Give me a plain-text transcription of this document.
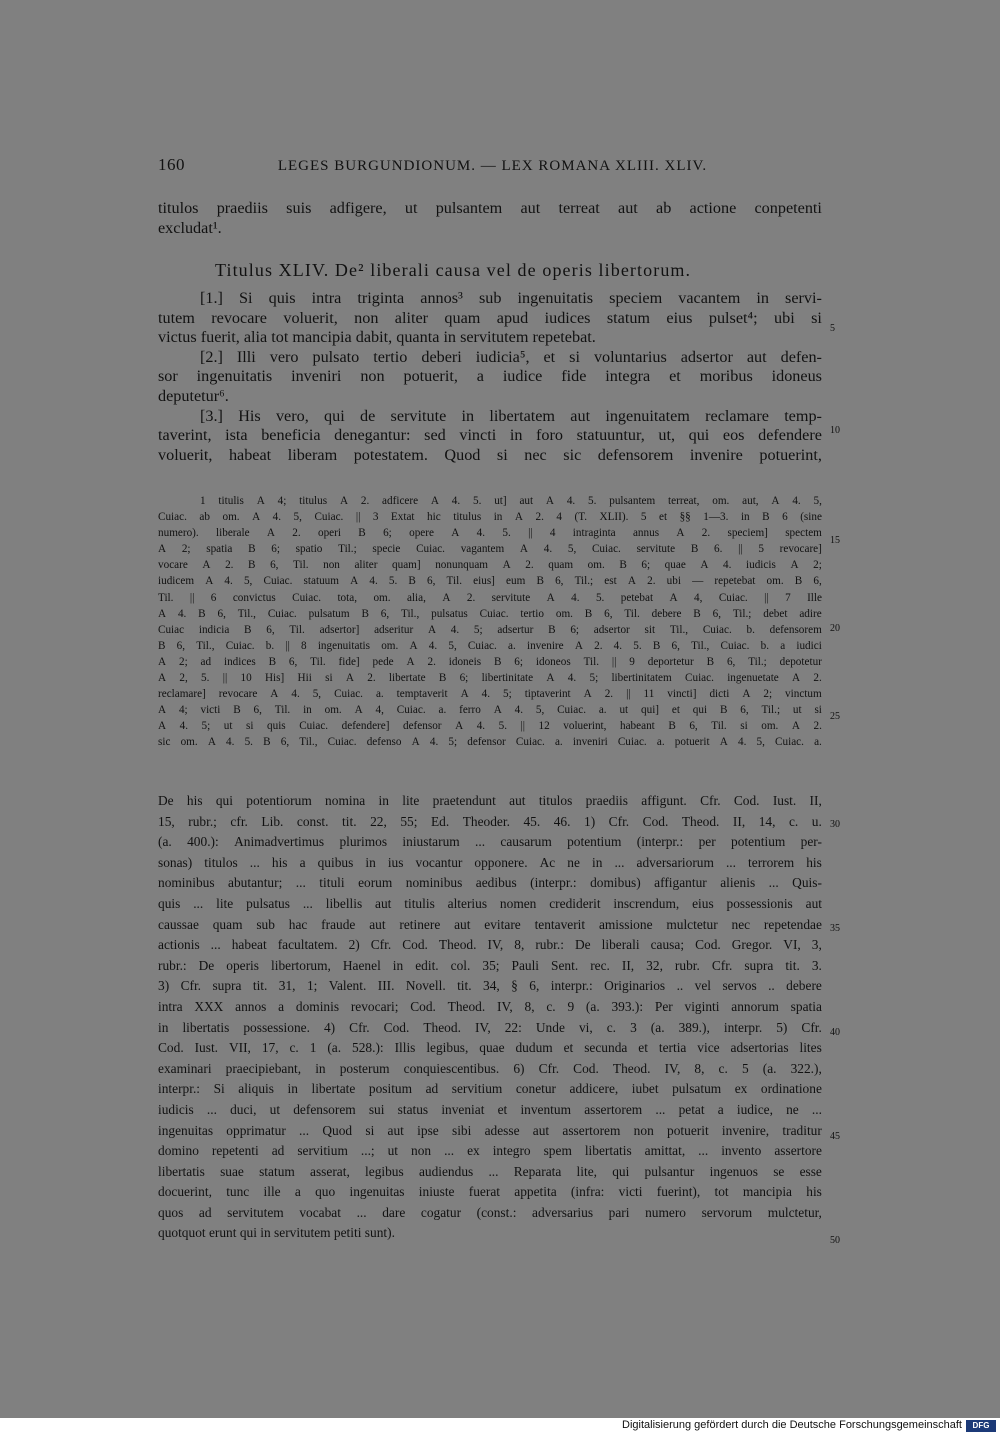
160	LEGES BURGUNDIONUM. — LEX ROMANA XLIII. XLIV.
titulos praediis suis adfigere, ut pulsantem aut terreat aut ab actione conpetenti
excludat¹.
Titulus XLIV. De² liberali causa vel de operis libertorum.
[1.] Si quis intra triginta annos³ sub ingenuitatis speciem vacantem in servi-
tutem revocare voluerit, non aliter quam apud iudices statum eius pulset⁴; ubi si
victus fuerit, alia tot mancipia dabit, quanta in servitutem repetebat.
[2.] Illi vero pulsato tertio deberi iudicia⁵, et si voluntarius adsertor aut defen-
sor ingenuitatis inveniri non potuerit, a iudice fide integra et moribus idoneus
deputetur⁶.
[3.] His vero, qui de servitute in libertatem aut ingenuitatem reclamare temp-
taverint, ista beneficia denegantur: sed vincti in foro statuuntur, ut, qui eos defendere
voluerit, habeat liberam potestatem. Quod si nec sic defensorem invenire potuerint,
1 titulis A 4; titulus A 2. adficere A 4. 5. ut] aut A 4. 5. pulsantem terreat, om. aut, A 4. 5,
Cuiac. ab om. A 4. 5, Cuiac. || 3 Extat hic titulus in A 2. 4 (T. XLII). 5 et §§ 1—3. in B 6 (sine
numero). liberale A 2. operi B 6; opere A 4. 5. || 4 intraginta annus A 2. speciem] spectem
A 2; spatia B 6; spatio Til.; specie Cuiac. vagantem A 4. 5, Cuiac. servitute B 6. || 5 revocare]
vocare A 2. B 6, Til. non aliter quam] nonunquam A 2. quam om. B 6; quae A 4. iudicis A 2;
iudicem A 4. 5, Cuiac. statuum A 4. 5. B 6, Til. eius] eum B 6, Til.; est A 2. ubi — repetebat om. B 6,
Til. || 6 convictus Cuiac. tota, om. alia, A 2. servitute A 4. 5. petebat A 4, Cuiac. || 7 Ille
A 4. B 6, Til., Cuiac. pulsatum B 6, Til., pulsatus Cuiac. tertio om. B 6, Til. debere B 6, Til.; debet adire
Cuiac indicia B 6, Til. adsertor] adseritur A 4. 5; adsertur B 6; adsertor sit Til., Cuiac. b. defensorem
B 6, Til., Cuiac. b. || 8 ingenuitatis om. A 4. 5, Cuiac. a. invenire A 2. 4. 5. B 6, Til., Cuiac. b. a iudici
A 2; ad indices B 6, Til. fide] pede A 2. idoneis B 6; idoneos Til. || 9 deportetur B 6, Til.; depotetur
A 2, 5. || 10 His] Hii si A 2. libertate B 6; libertinitate A 4. 5; libertinitatem Cuiac. ingenuetate A 2.
reclamare] revocare A 4. 5, Cuiac. a. temptaverit A 4. 5; tiptaverint A 2. || 11 vincti] dicti A 2; vinctum
A 4; victi B 6, Til. in om. A 4, Cuiac. a. ferro A 4. 5, Cuiac. a. ut qui] et qui B 6, Til.; ut si
A 4. 5; ut si quis Cuiac. defendere] defensor A 4. 5. || 12 voluerint, habeant B 6, Til. si om. A 2.
sic om. A 4. 5. B 6, Til., Cuiac. defenso A 4. 5; defensor Cuiac. a. inveniri Cuiac. a. potuerit A 4. 5, Cuiac. a.
De his qui potentiorum nomina in lite praetendunt aut titulos praediis affigunt. Cfr. Cod. Iust. II,
15, rubr.; cfr. Lib. const. tit. 22, 55; Ed. Theoder. 45. 46. 1) Cfr. Cod. Theod. II, 14, c. u.
(a. 400.): Animadvertimus plurimos iniustarum ... causarum potentium (interpr.: per potentium per-
sonas) titulos ... his a quibus in ius vocantur opponere. Ac ne in ... adversariorum ... terrorem his
nominibus abutantur; ... tituli eorum nominibus aedibus (interpr.: domibus) affigantur alienis ... Quis-
quis ... lite pulsatus ... libellis aut titulis alterius nomen crediderit inscrendum, eius possessionis aut
caussae quam sub hac fraude aut retinere aut evitare tentaverit amissione mulctetur nec repetendae
actionis ... habeat facultatem. 2) Cfr. Cod. Theod. IV, 8, rubr.: De liberali causa; Cod. Gregor. VI, 3,
rubr.: De operis libertorum, Haenel in edit. col. 35; Pauli Sent. rec. II, 32, rubr. Cfr. supra tit. 3.
3) Cfr. supra tit. 31, 1; Valent. III. Novell. tit. 34, § 6, interpr.: Originarios .. vel servos .. debere
intra XXX annos a dominis revocari; Cod. Theod. IV, 8, c. 9 (a. 393.): Per viginti annorum spatia
in libertatis possessione. 4) Cfr. Cod. Theod. IV, 22: Unde vi, c. 3 (a. 389.), interpr. 5) Cfr.
Cod. Iust. VII, 17, c. 1 (a. 528.): Illis legibus, quae dudum et secunda et tertia vice adsertorias lites
examinari praecipiebant, in posterum conquiescentibus. 6) Cfr. Cod. Theod. IV, 8, c. 5 (a. 322.),
interpr.: Si aliquis in libertate positum ad servitium conetur addicere, iubet pulsatum ex ordinatione
iudicis ... duci, ut defensorem sui status inveniat et inventum assertorem ... petat a iudice, ne ...
ingenuitas opprimatur ... Quod si aut ipse sibi adesse aut assertorem non potuerit invenire, traditur
domino repetenti ad servitium ...; ut non ... ex integro spem libertatis amittat, ... invento assertore
libertatis suae statum asserat, legibus audiendus ... Reparata lite, qui pulsantur ingenuos se esse
docuerint, tunc ille a quo ingenuitas iniuste fuerat appetita (infra: victi fuerint), tot mancipia his
quos ad servitutem vocabat ... dare cogatur (const.: adversarius pari numero servorum mulctetur,
quotquot erunt qui in servitutem petiti sunt).
5
10
15
20
25
30
35
40
45
50
Digitalisierung gefördert durch die Deutsche Forschungsgemeinschaft	DFG
